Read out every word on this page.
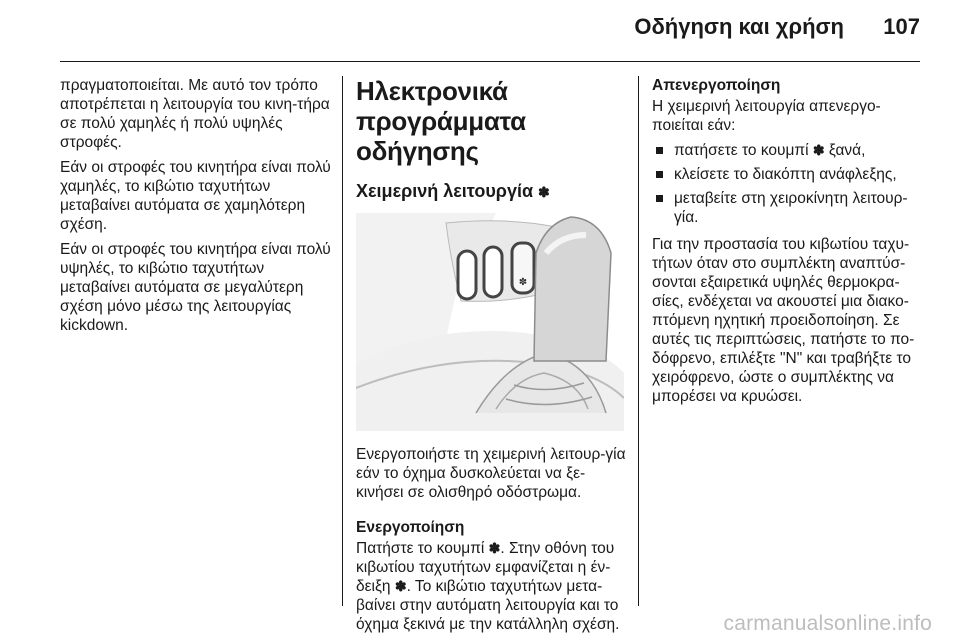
Οδήγηση και χρήση 107

πραγματοποιείται. Με αυτό τον τρόπο αποτρέπεται η λειτουργία του κινη-τήρα σε πολύ χαμηλές ή πολύ υψηλές στροφές.

Εάν οι στροφές του κινητήρα είναι πολύ χαμηλές, το κιβώτιο ταχυτήτων μεταβαίνει αυτόματα σε χαμηλότερη σχέση.

Εάν οι στροφές του κινητήρα είναι πολύ υψηλές, το κιβώτιο ταχυτήτων μεταβαίνει αυτόματα σε μεγαλύτερη σχέση μόνο μέσω της λειτουργίας kickdown.

Ηλεκτρονικά προγράμματα οδήγησης
Χειμερινή λειτουργία ✽
✽

Ενεργοποιήστε τη χειμερινή λειτουρ-γία εάν το όχημα δυσκολεύεται να ξε-κινήσει σε ολισθηρό οδόστρωμα.

Ενεργοποίηση

Πατήστε το κουμπί ✽. Στην οθόνη του κιβωτίου ταχυτήτων εμφανίζεται η έν-δειξη ✽. Το κιβώτιο ταχυτήτων μετα-βαίνει στην αυτόματη λειτουργία και το όχημα ξεκινά με την κατάλληλη σχέση.

Απενεργοποίηση

Η χειμερινή λειτουργία απενεργο-ποιείται εάν:

πατήσετε το κουμπί ✽ ξανά,
κλείσετε το διακόπτη ανάφλεξης,
μεταβείτε στη χειροκίνητη λειτουρ-γία.

Για την προστασία του κιβωτίου ταχυ-τήτων όταν στο συμπλέκτη αναπτύσ-σονται εξαιρετικά υψηλές θερμοκρα-σίες, ενδέχεται να ακουστεί μια διακο-πτόμενη ηχητική προειδοποίηση. Σε αυτές τις περιπτώσεις, πατήστε το πο-δόφρενο, επιλέξτε "N" και τραβήξτε το χειρόφρενο, ώστε ο συμπλέκτης να μπορέσει να κρυώσει.

carmanualsonline.info
